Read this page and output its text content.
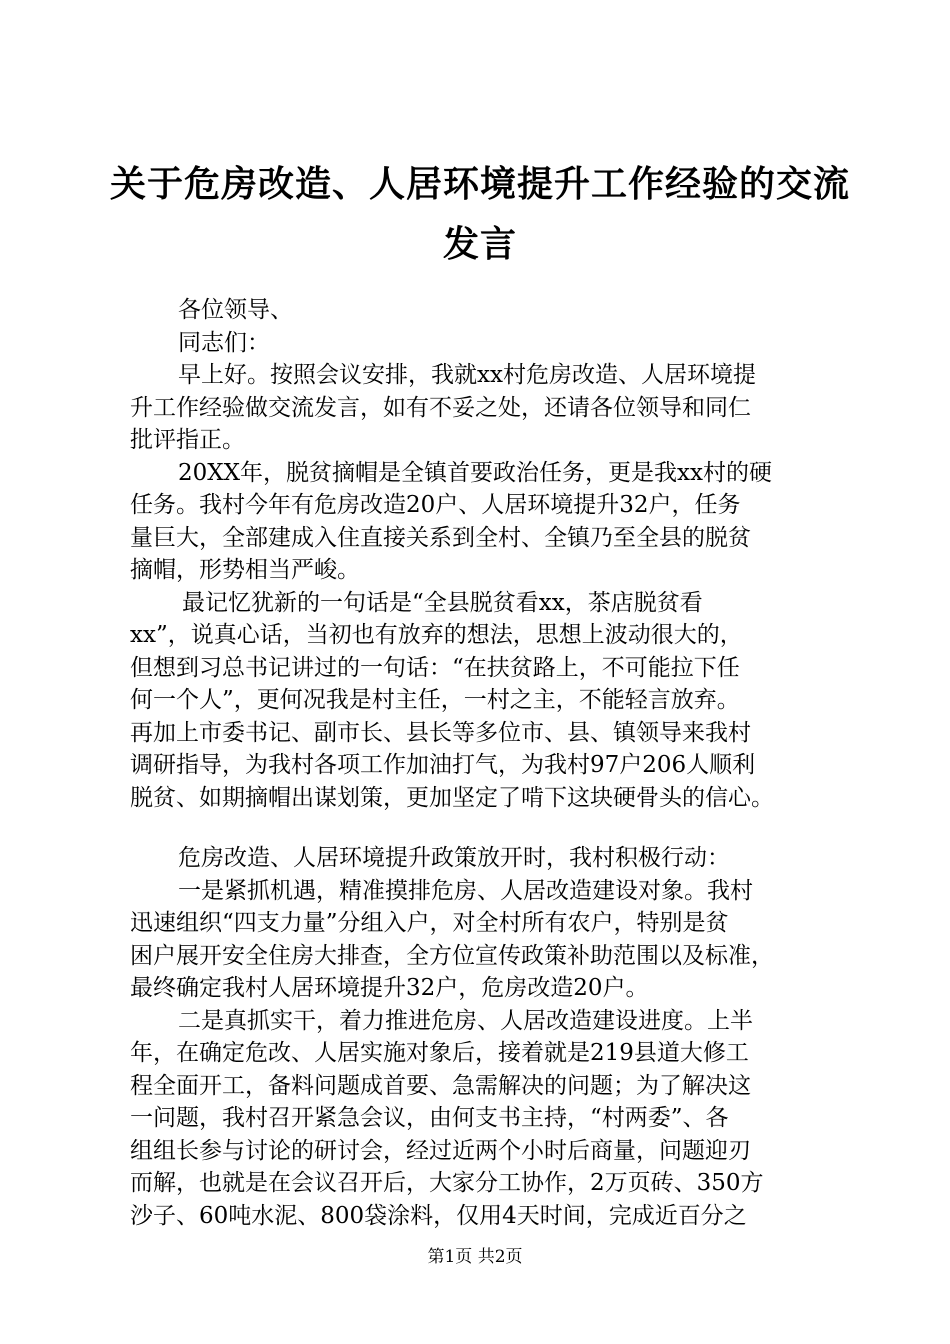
关于危房改造、人居环境提升工作经验的交流
发言
各位领导、
同志们：
早上好。按照会议安排，我就xx村危房改造、人居环境提
升工作经验做交流发言，如有不妥之处，还请各位领导和同仁
批评指正。
20XX年，脱贫摘帽是全镇首要政治任务，更是我xx村的硬
任务。我村今年有危房改造20户、人居环境提升32户，任务
量巨大，全部建成入住直接关系到全村、全镇乃至全县的脱贫
摘帽，形势相当严峻。
最记忆犹新的一句话是“全县脱贫看xx，茶店脱贫看
xx”，说真心话，当初也有放弃的想法，思想上波动很大的，
但想到习总书记讲过的一句话：“在扶贫路上，不可能拉下任
何一个人”，更何况我是村主任，一村之主，不能轻言放弃。
再加上市委书记、副市长、县长等多位市、县、镇领导来我村
调研指导，为我村各项工作加油打气，为我村97户206人顺利
脱贫、如期摘帽出谋划策，更加坚定了啃下这块硬骨头的信心。
危房改造、人居环境提升政策放开时，我村积极行动：
一是紧抓机遇，精准摸排危房、人居改造建设对象。我村
迅速组织“四支力量”分组入户，对全村所有农户，特别是贫
困户展开安全住房大排查，全方位宣传政策补助范围以及标准，
最终确定我村人居环境提升32户，危房改造20户。
二是真抓实干，着力推进危房、人居改造建设进度。上半
年，在确定危改、人居实施对象后，接着就是219县道大修工
程全面开工，备料问题成首要、急需解决的问题；为了解决这
一问题，我村召开紧急会议，由何支书主持，“村两委”、各
组组长参与讨论的研讨会，经过近两个小时后商量，问题迎刃
而解，也就是在会议召开后，大家分工协作，2万页砖、350方
沙子、60吨水泥、800袋涂料，仅用4天时间，完成近百分之
第1页 共2页
